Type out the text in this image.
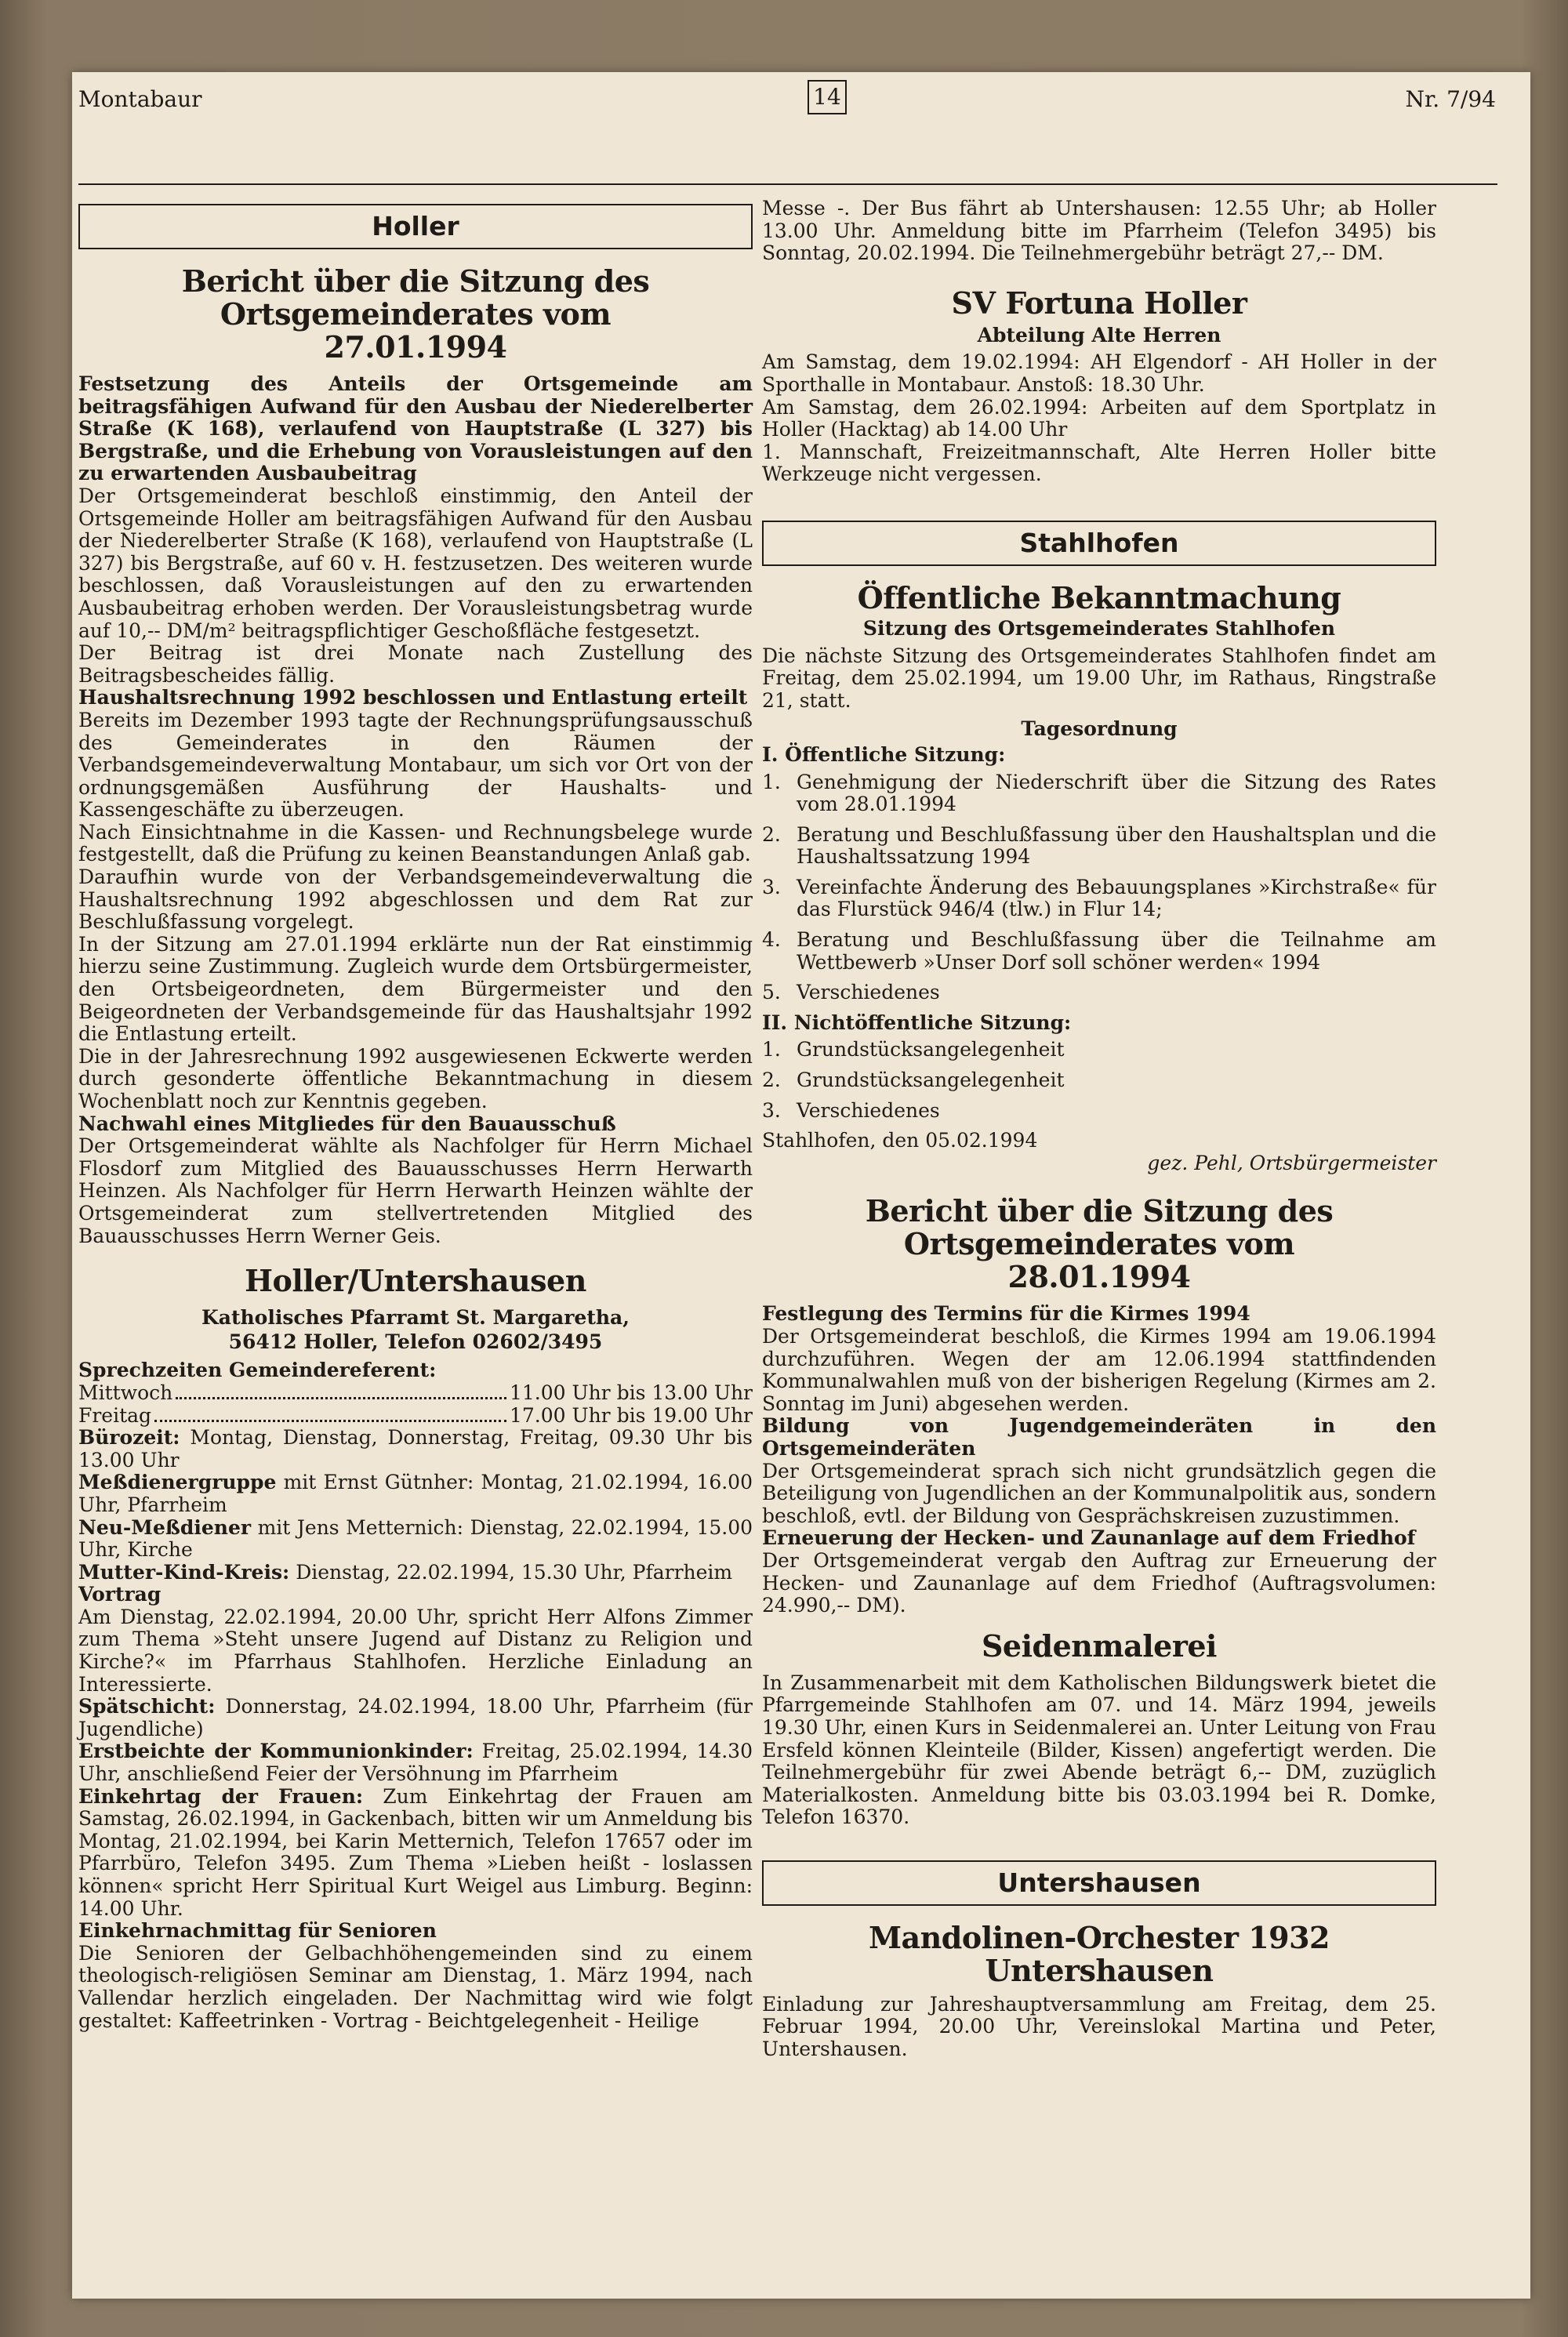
Montabaur	14	Nr. 7/94
Holler
Bericht über die Sitzung des Ortsgemeinderates vom 27.01.1994
Festsetzung des Anteils der Ortsgemeinde am beitragsfähigen Aufwand für den Ausbau der Niederelberter Straße (K 168), verlaufend von Hauptstraße (L 327) bis Bergstraße, und die Erhebung von Vorausleistungen auf den zu erwartenden Ausbaubeitrag
Der Ortsgemeinderat beschloß einstimmig, den Anteil der Ortsgemeinde Holler am beitragsfähigen Aufwand für den Ausbau der Niederelberter Straße (K 168), verlaufend von Hauptstraße (L 327) bis Bergstraße, auf 60 v. H. festzusetzen. Des weiteren wurde beschlossen, daß Vorausleistungen auf den zu erwartenden Ausbaubeitrag erhoben werden. Der Vorausleistungsbetrag wurde auf 10,-- DM/m² beitragspflichtiger Geschoßfläche festgesetzt.
Der Beitrag ist drei Monate nach Zustellung des Beitragsbescheides fällig.
Haushaltsrechnung 1992 beschlossen und Entlastung erteilt
Bereits im Dezember 1993 tagte der Rechnungsprüfungsausschuß des Gemeinderates in den Räumen der Verbandsgemeindeverwaltung Montabaur, um sich vor Ort von der ordnungsgemäßen Ausführung der Haushalts- und Kassengeschäfte zu überzeugen.
Nach Einsichtnahme in die Kassen- und Rechnungsbelege wurde festgestellt, daß die Prüfung zu keinen Beanstandungen Anlaß gab.
Daraufhin wurde von der Verbandsgemeindeverwaltung die Haushaltsrechnung 1992 abgeschlossen und dem Rat zur Beschlußfassung vorgelegt.
In der Sitzung am 27.01.1994 erklärte nun der Rat einstimmig hierzu seine Zustimmung. Zugleich wurde dem Ortsbürgermeister, den Ortsbeigeordneten, dem Bürgermeister und den Beigeordneten der Verbandsgemeinde für das Haushaltsjahr 1992 die Entlastung erteilt.
Die in der Jahresrechnung 1992 ausgewiesenen Eckwerte werden durch gesonderte öffentliche Bekanntmachung in diesem Wochenblatt noch zur Kenntnis gegeben.
Nachwahl eines Mitgliedes für den Bauausschuß
Der Ortsgemeinderat wählte als Nachfolger für Herrn Michael Flosdorf zum Mitglied des Bauausschusses Herrn Herwarth Heinzen. Als Nachfolger für Herrn Herwarth Heinzen wählte der Ortsgemeinderat zum stellvertretenden Mitglied des Bauausschusses Herrn Werner Geis.
Holler/Untershausen
Katholisches Pfarramt St. Margaretha,
56412 Holler, Telefon 02602/3495
Sprechzeiten Gemeindereferent:
Mittwoch	11.00 Uhr bis 13.00 Uhr
Freitag	17.00 Uhr bis 19.00 Uhr
Bürozeit: Montag, Dienstag, Donnerstag, Freitag, 09.30 Uhr bis 13.00 Uhr
Meßdienergruppe mit Ernst Gütnher: Montag, 21.02.1994, 16.00 Uhr, Pfarrheim
Neu-Meßdiener mit Jens Metternich: Dienstag, 22.02.1994, 15.00 Uhr, Kirche
Mutter-Kind-Kreis: Dienstag, 22.02.1994, 15.30 Uhr, Pfarrheim
Vortrag
Am Dienstag, 22.02.1994, 20.00 Uhr, spricht Herr Alfons Zimmer zum Thema »Steht unsere Jugend auf Distanz zu Religion und Kirche?« im Pfarrhaus Stahlhofen. Herzliche Einladung an Interessierte.
Spätschicht: Donnerstag, 24.02.1994, 18.00 Uhr, Pfarrheim (für Jugendliche)
Erstbeichte der Kommunionkinder: Freitag, 25.02.1994, 14.30 Uhr, anschließend Feier der Versöhnung im Pfarrheim
Einkehrtag der Frauen: Zum Einkehrtag der Frauen am Samstag, 26.02.1994, in Gackenbach, bitten wir um Anmeldung bis Montag, 21.02.1994, bei Karin Metternich, Telefon 17657 oder im Pfarrbüro, Telefon 3495. Zum Thema »Lieben heißt - loslassen können« spricht Herr Spiritual Kurt Weigel aus Limburg. Beginn: 14.00 Uhr.
Einkehrnachmittag für Senioren
Die Senioren der Gelbachhöhengemeinden sind zu einem theologisch-religiösen Seminar am Dienstag, 1. März 1994, nach Vallendar herzlich eingeladen. Der Nachmittag wird wie folgt gestaltet: Kaffeetrinken - Vortrag - Beichtgelegenheit - Heilige
Messe -. Der Bus fährt ab Untershausen: 12.55 Uhr; ab Holler 13.00 Uhr. Anmeldung bitte im Pfarrheim (Telefon 3495) bis Sonntag, 20.02.1994. Die Teilnehmergebühr beträgt 27,-- DM.
SV Fortuna Holler
Abteilung Alte Herren
Am Samstag, dem 19.02.1994: AH Elgendorf - AH Holler in der Sporthalle in Montabaur. Anstoß: 18.30 Uhr.
Am Samstag, dem 26.02.1994: Arbeiten auf dem Sportplatz in Holler (Hacktag) ab 14.00 Uhr
1. Mannschaft, Freizeitmannschaft, Alte Herren Holler bitte Werkzeuge nicht vergessen.
Stahlhofen
Öffentliche Bekanntmachung
Sitzung des Ortsgemeinderates Stahlhofen
Die nächste Sitzung des Ortsgemeinderates Stahlhofen findet am Freitag, dem 25.02.1994, um 19.00 Uhr, im Rathaus, Ringstraße 21, statt.
Tagesordnung
I. Öffentliche Sitzung:
1. Genehmigung der Niederschrift über die Sitzung des Rates vom 28.01.1994
2. Beratung und Beschlußfassung über den Haushaltsplan und die Haushaltssatzung 1994
3. Vereinfachte Änderung des Bebauungsplanes »Kirchstraße« für das Flurstück 946/4 (tlw.) in Flur 14;
4. Beratung und Beschlußfassung über die Teilnahme am Wettbewerb »Unser Dorf soll schöner werden« 1994
5. Verschiedenes
II. Nichtöffentliche Sitzung:
1. Grundstücksangelegenheit
2. Grundstücksangelegenheit
3. Verschiedenes
Stahlhofen, den 05.02.1994
gez. Pehl, Ortsbürgermeister
Bericht über die Sitzung des Ortsgemeinderates vom 28.01.1994
Festlegung des Termins für die Kirmes 1994
Der Ortsgemeinderat beschloß, die Kirmes 1994 am 19.06.1994 durchzuführen. Wegen der am 12.06.1994 stattfindenden Kommunalwahlen muß von der bisherigen Regelung (Kirmes am 2. Sonntag im Juni) abgesehen werden.
Bildung von Jugendgemeinderäten in den Ortsgemeinderäten
Der Ortsgemeinderat sprach sich nicht grundsätzlich gegen die Beteiligung von Jugendlichen an der Kommunalpolitik aus, sondern beschloß, evtl. der Bildung von Gesprächskreisen zuzustimmen.
Erneuerung der Hecken- und Zaunanlage auf dem Friedhof
Der Ortsgemeinderat vergab den Auftrag zur Erneuerung der Hecken- und Zaunanlage auf dem Friedhof (Auftragsvolumen: 24.990,-- DM).
Seidenmalerei
In Zusammenarbeit mit dem Katholischen Bildungswerk bietet die Pfarrgemeinde Stahlhofen am 07. und 14. März 1994, jeweils 19.30 Uhr, einen Kurs in Seidenmalerei an. Unter Leitung von Frau Ersfeld können Kleinteile (Bilder, Kissen) angefertigt werden. Die Teilnehmergebühr für zwei Abende beträgt 6,-- DM, zuzüglich Materialkosten. Anmeldung bitte bis 03.03.1994 bei R. Domke, Telefon 16370.
Untershausen
Mandolinen-Orchester 1932 Untershausen
Einladung zur Jahreshauptversammlung am Freitag, dem 25. Februar 1994, 20.00 Uhr, Vereinslokal Martina und Peter, Untershausen.
